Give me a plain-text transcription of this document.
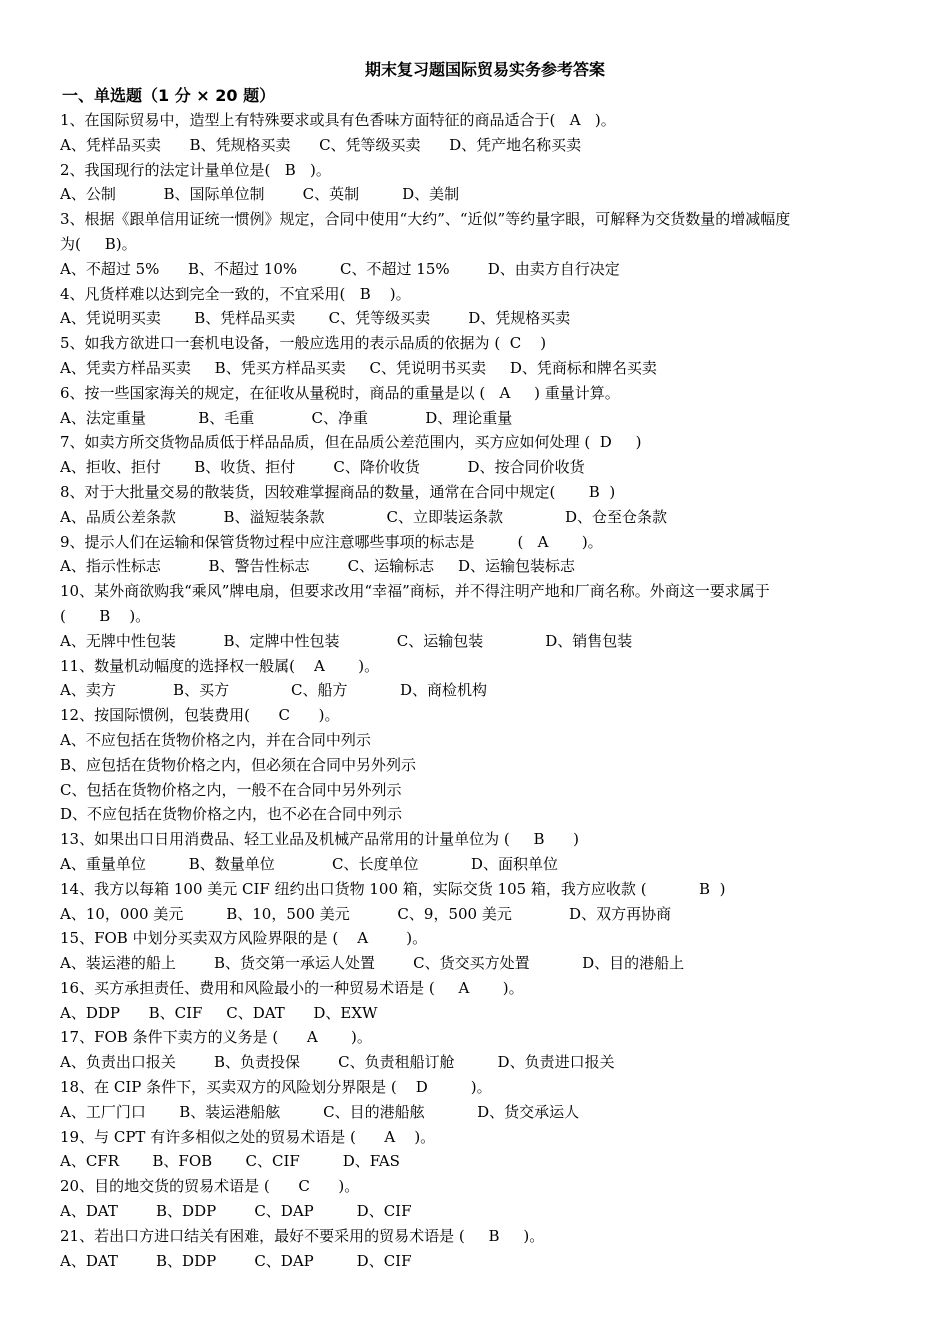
期末复习题国际贸易实务参考答案
一、单选题（1 分 × 20 题）
1、在国际贸易中，造型上有特殊要求或具有色香味方面特征的商品适合于(   A   )。
A、凭样品买卖      B、凭规格买卖      C、凭等级买卖      D、凭产地名称买卖
2、我国现行的法定计量单位是(   B   )。
A、公制          B、国际单位制        C、英制         D、美制
3、根据《跟单信用证统一惯例》规定，合同中使用“大约”、“近似”等约量字眼，可解释为交货数量的增减幅度
为(     B)。
A、不超过 5%      B、不超过 10%         C、不超过 15%        D、由卖方自行决定
4、凡货样难以达到完全一致的，不宜采用(   B    )。
A、凭说明买卖       B、凭样品买卖       C、凭等级买卖        D、凭规格买卖
5、如我方欲进口一套机电设备，一般应选用的表示品质的依据为 (  C    )
A、凭卖方样品买卖     B、凭买方样品买卖     C、凭说明书买卖     D、凭商标和牌名买卖
6、按一些国家海关的规定，在征收从量税时，商品的重量是以 (   A     ) 重量计算。
A、法定重量           B、毛重            C、净重            D、理论重量
7、如卖方所交货物品质低于样品品质，但在品质公差范围内，买方应如何处理 (  D     )
A、拒收、拒付       B、收货、拒付        C、降价收货          D、按合同价收货
8、对于大批量交易的散装货，因较难掌握商品的数量，通常在合同中规定(       B  )
A、品质公差条款          B、溢短装条款             C、立即装运条款             D、仓至仓条款
9、提示人们在运输和保管货物过程中应注意哪些事项的标志是         (   A       )。
A、指示性标志          B、警告性标志        C、运输标志     D、运输包装标志
10、某外商欲购我“乘风”牌电扇，但要求改用“幸福”商标，并不得注明产地和厂商名称。外商这一要求属于
(       B    )。
A、无牌中性包装          B、定牌中性包装            C、运输包装             D、销售包装
11、数量机动幅度的选择权一般属(    A       )。
A、卖方            B、买方             C、船方           D、商检机构
12、按国际惯例，包装费用(      C      )。
A、不应包括在货物价格之内，并在合同中列示
B、应包括在货物价格之内，但必须在合同中另外列示
C、包括在货物价格之内，一般不在合同中另外列示
D、不应包括在货物价格之内，也不必在合同中列示
13、如果出口日用消费品、轻工业品及机械产品常用的计量单位为 (     B      )
A、重量单位         B、数量单位            C、长度单位           D、面积单位
14、我方以每箱 100 美元 CIF 纽约出口货物 100 箱，实际交货 105 箱，我方应收款 (           B  )
A、10，000 美元         B、10，500 美元          C、9，500 美元            D、双方再协商
15、FOB 中划分买卖双方风险界限的是 (    A        )。
A、装运港的船上        B、货交第一承运人处置        C、货交买方处置           D、目的港船上
16、买方承担责任、费用和风险最小的一种贸易术语是 (     A       )。
A、DDP      B、CIF     C、DAT      D、EXW
17、FOB 条件下卖方的义务是 (      A       )。
A、负责出口报关        B、负责投保        C、负责租船订舱         D、负责进口报关
18、在 CIP 条件下，买卖双方的风险划分界限是 (    D         )。
A、工厂门口       B、装运港船舷         C、目的港船舷           D、货交承运人
19、与 CPT 有许多相似之处的贸易术语是 (      A    )。
A、CFR       B、FOB       C、CIF         D、FAS
20、目的地交货的贸易术语是 (      C      )。
A、DAT        B、DDP        C、DAP         D、CIF
21、若出口方进口结关有困难，最好不要采用的贸易术语是 (     B     )。
A、DAT        B、DDP        C、DAP         D、CIF
